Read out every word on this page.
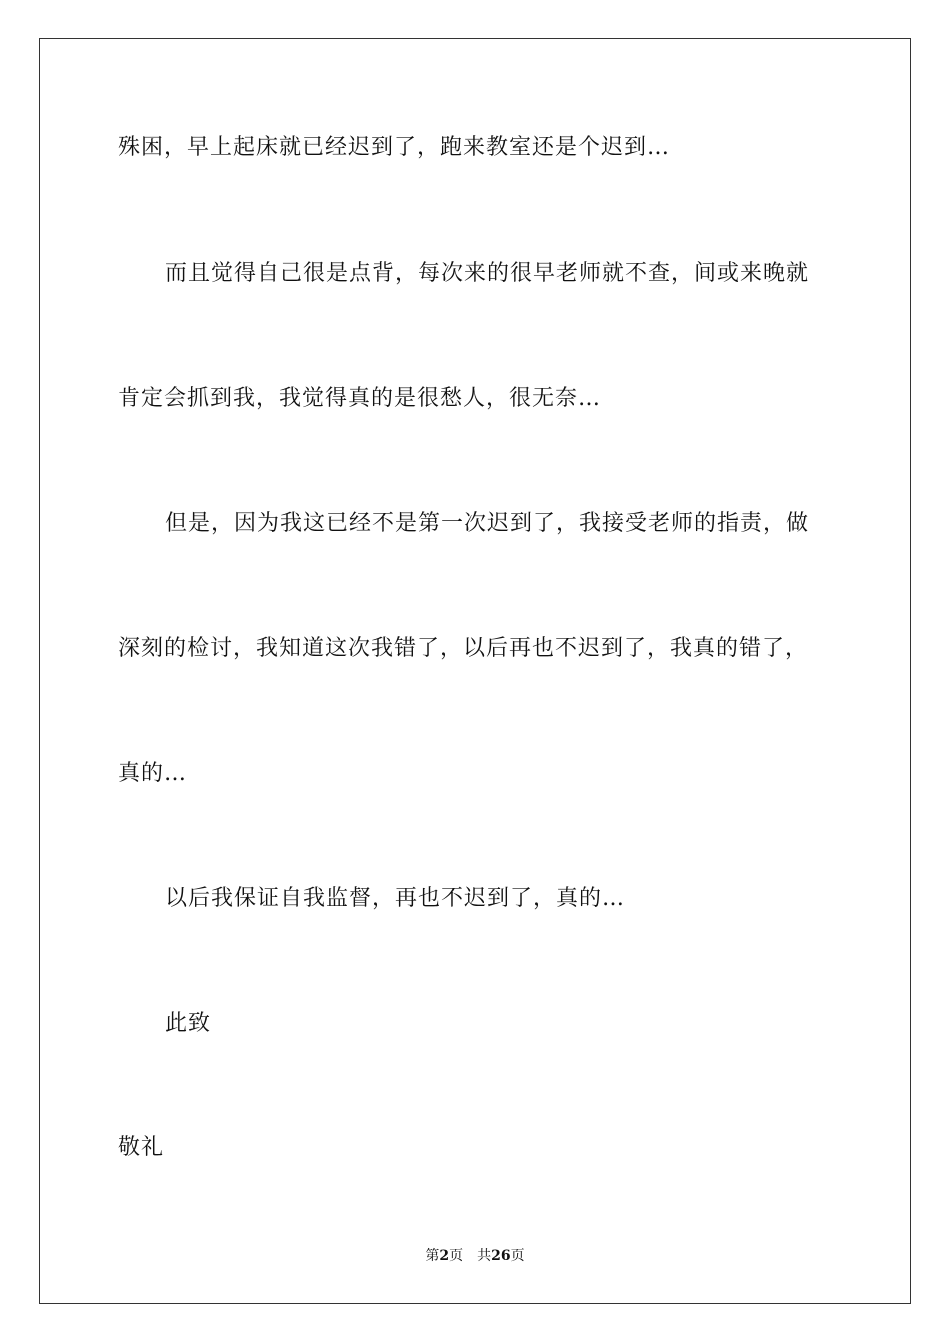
殊困，早上起床就已经迟到了，跑来教室还是个迟到…
而且觉得自己很是点背，每次来的很早老师就不查，间或来晚就
肯定会抓到我，我觉得真的是很愁人，很无奈…
但是，因为我这已经不是第一次迟到了，我接受老师的指责，做
深刻的检讨，我知道这次我错了，以后再也不迟到了，我真的错了，
真的…
以后我保证自我监督，再也不迟到了，真的…
此致
敬礼
第2页 共26页
